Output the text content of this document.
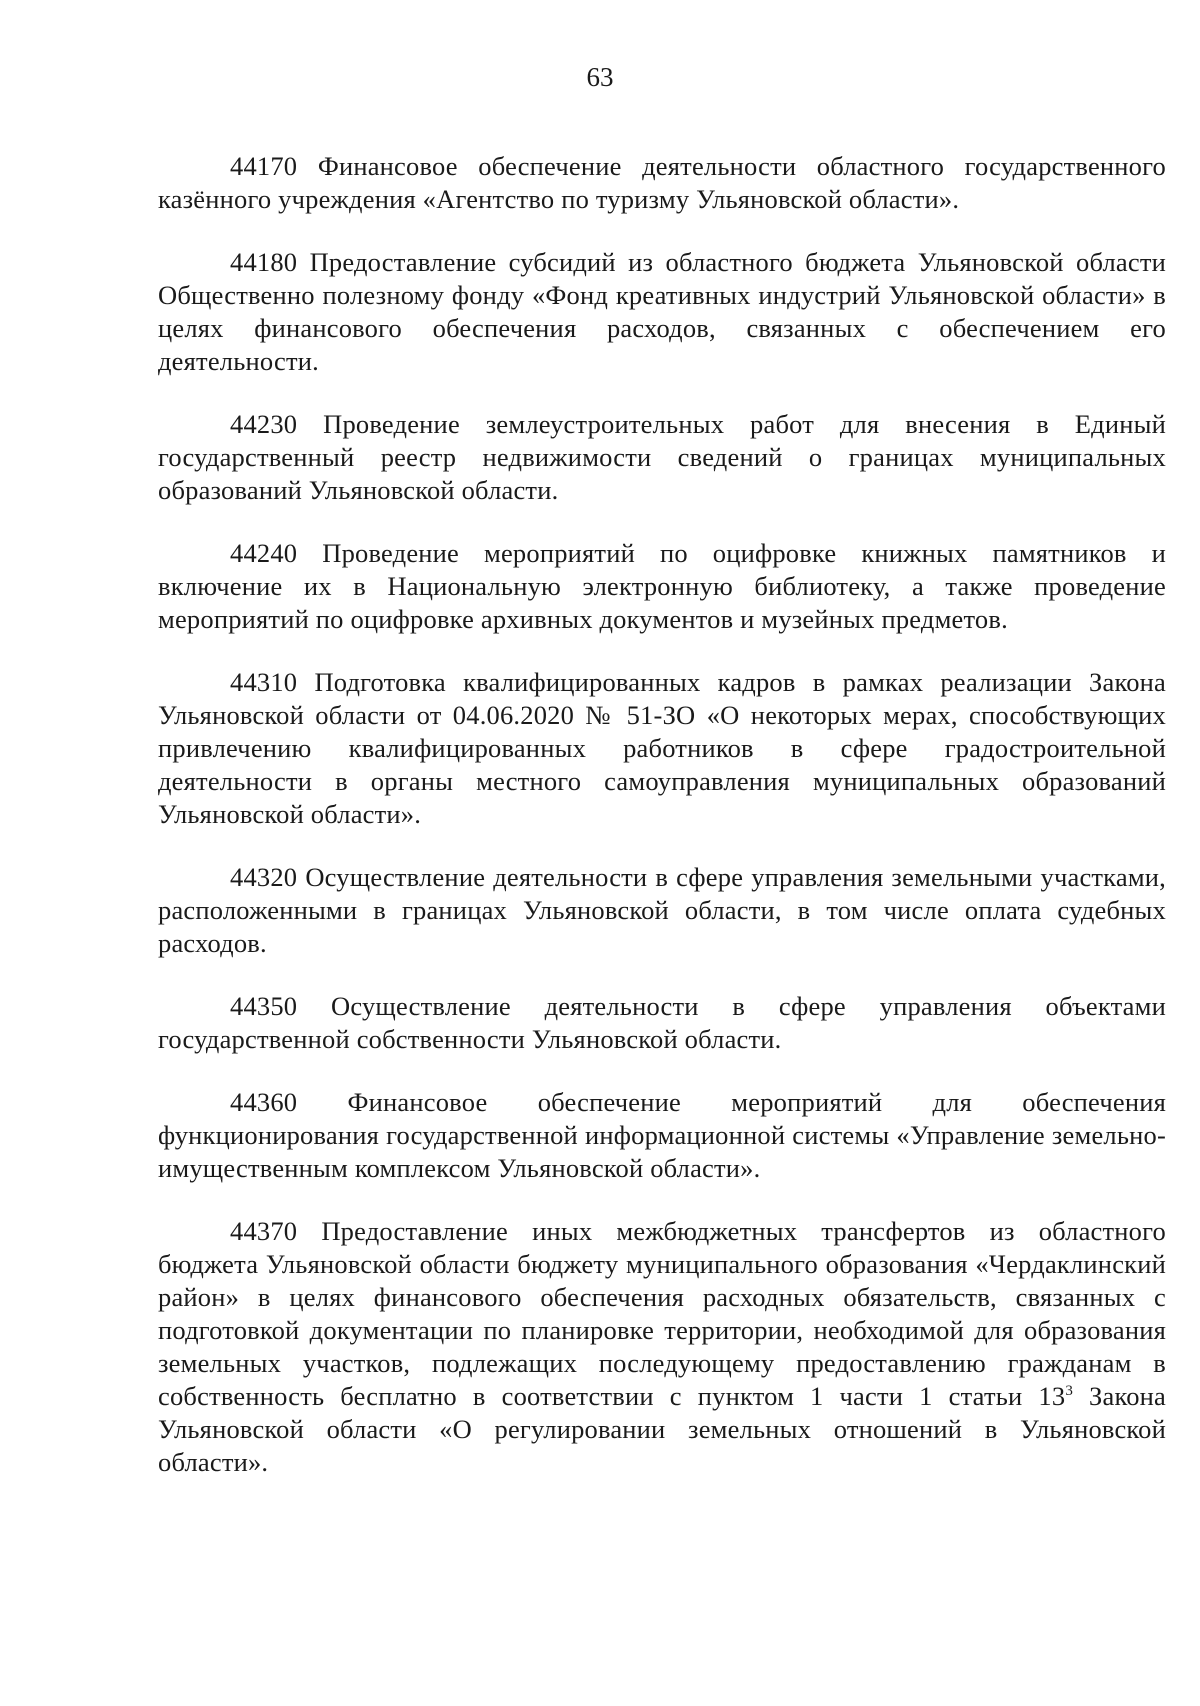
63

44170 Финансовое обеспечение деятельности областного государственного казённого учреждения «Агентство по туризму Ульяновской области».

44180 Предоставление субсидий из областного бюджета Ульяновской области Общественно полезному фонду «Фонд креативных индустрий Ульяновской области» в целях финансового обеспечения расходов, связанных с обеспечением его деятельности.

44230 Проведение землеустроительных работ для внесения в Единый государственный реестр недвижимости сведений о границах муниципальных образований Ульяновской области.

44240 Проведение мероприятий по оцифровке книжных памятников и включение их в Национальную электронную библиотеку, а также проведение мероприятий по оцифровке архивных документов и музейных предметов.

44310 Подготовка квалифицированных кадров в рамках реализации Закона Ульяновской области от 04.06.2020 № 51-ЗО «О некоторых мерах, способствующих привлечению квалифицированных работников в сфере градостроительной деятельности в органы местного самоуправления муниципальных образований Ульяновской области».

44320 Осуществление деятельности в сфере управления земельными участками, расположенными в границах Ульяновской области, в том числе оплата судебных расходов.

44350 Осуществление деятельности в сфере управления объектами государственной собственности Ульяновской области.

44360 Финансовое обеспечение мероприятий для обеспечения функционирования государственной информационной системы «Управление земельно-имущественным комплексом Ульяновской области».

44370 Предоставление иных межбюджетных трансфертов из областного бюджета Ульяновской области бюджету муниципального образования «Чердаклинский район» в целях финансового обеспечения расходных обязательств, связанных с подготовкой документации по планировке территории, необходимой для образования земельных участков, подлежащих последующему предоставлению гражданам в собственность бесплатно в соответствии с пунктом 1 части 1 статьи $13^3$ Закона Ульяновской области «О регулировании земельных отношений в Ульяновской области».
